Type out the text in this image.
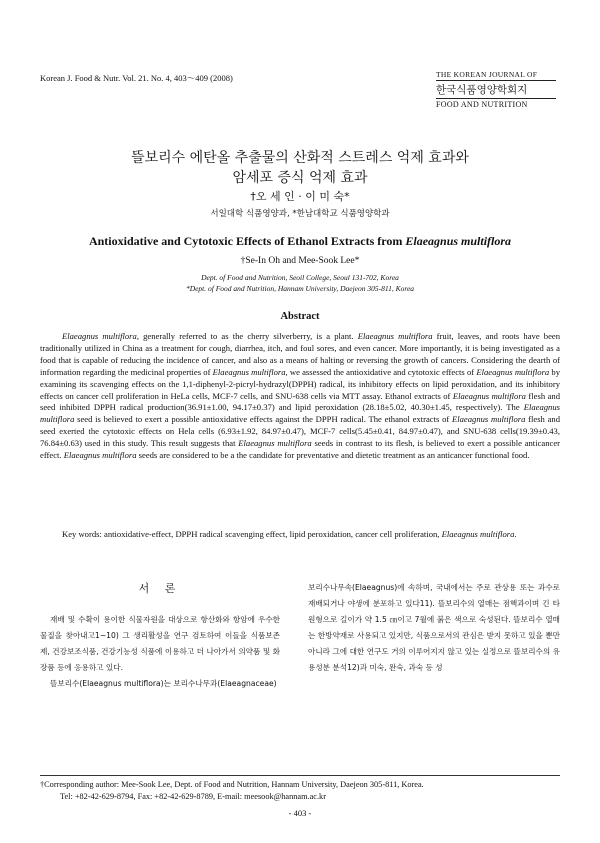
Korean J. Food & Nutr. Vol. 21. No. 4, 403～409 (2008)	THE KOREAN JOURNAL OF
한국식품영양학회지
FOOD AND NUTRITION
뜰보리수 에탄올 추출물의 산화적 스트레스 억제 효과와
암세포 증식 억제 효과
†오 세 인 · 이 미 숙*
서일대학 식품영양과, *한남대학교 식품영양학과
Antioxidative and Cytotoxic Effects of Ethanol Extracts from Elaeagnus multiflora
†Se-In Oh and Mee-Sook Lee*
Dept. of Food and Nutrition, Seoil College, Seoul 131-702, Korea
*Dept. of Food and Nutrition, Hannam University, Daejeon 305-811, Korea
Abstract
Elaeagnus multiflora, generally referred to as the cherry silverberry, is a plant. Elaeagnus multiflora fruit, leaves, and roots have been traditionally utilized in China as a treatment for cough, diarrhea, itch, and foul sores, and even cancer. More importantly, it is being investigated as a food that is capable of reducing the incidence of cancer, and also as a means of halting or reversing the growth of cancers. Considering the dearth of information regarding the medicinal properties of Elaeagnus multiflora, we assessed the antioxidative and cytotoxic effects of Elaeagnus multiflora by examining its scavenging effects on the 1,1-diphenyl-2-picryl-hydrazyl(DPPH) radical, its inhibitory effects on lipid peroxidation, and its inhibitory effects on cancer cell proliferation in HeLa cells, MCF-7 cells, and SNU-638 cells via MTT assay. Ethanol extracts of Elaeagnus multiflora flesh and seed inhibited DPPH radical production(36.91±1.00, 94.17±0.37) and lipid peroxidation (28.18±5.02, 40.30±1.45, respectively). The Elaeagnus multiflora seed is believed to exert a possible antioxidative effects against the DPPH radical. The ethanol extracts of Elaeagnus multiflora flesh and seed exerted the cytotoxic effects on Hela cells (6.93±1.92, 84.97±0.47), MCF-7 cells(5.45±0.41, 84.97±0.47), and SNU-638 cells(19.39±0.43, 76.84±0.63) used in this study. This result suggests that Elaeagnus multiflora seeds in contrast to its flesh, is believed to exert a possible anticancer effect. Elaeagnus multiflora seeds are considered to be a the candidate for preventative and dietetic treatment as an anticancer functional food.
Key words: antioxidative-effect, DPPH radical scavenging effect, lipid peroxidation, cancer cell proliferation, Elaeagnus multiflora.
서 론

재배 및 수확이 용이한 식물자원을 대상으로 항산화와 항암에 우수한 물질을 찾아내고1~10) 그 생리활성을 연구 검토하여 이들을 식품보존제, 건강보조식품, 건강기능성 식품에 이용하고 더 나아가서 의약품 및 화장품 등에 응용하고 있다.

뜰보리수(Elaeagnus multiflora)는 보리수나무과(Elaeagnaceae)

보리수나무속(Elaeagnus)에 속하며, 국내에서는 주로 관상용 또는 과수로 재배되거나 야생에 분포하고 있다11). 뜰보리수의 열매는 점핵과이며 긴 타원형으로 길이가 약 1.5 ㎝이고 7월에 붉은 색으로 숙성된다. 뜰보리수 열매는 한방약재로 사용되고 있지만, 식품으로서의 관심은 받지 못하고 있을 뿐만 아니라 그에 대한 연구도 거의 이루어지지 않고 있는 실정으로 뜰보리수의 유용성분 분석12)과 미숙, 완숙, 과숙 등 성

†Corresponding author: Mee-Sook Lee, Dept. of Food and Nutrition, Hannam University, Daejeon 305-811, Korea.
Tel: +82-42-629-8794, Fax: +82-42-629-8789, E-mail: meesook@hannam.ac.kr
- 403 -
